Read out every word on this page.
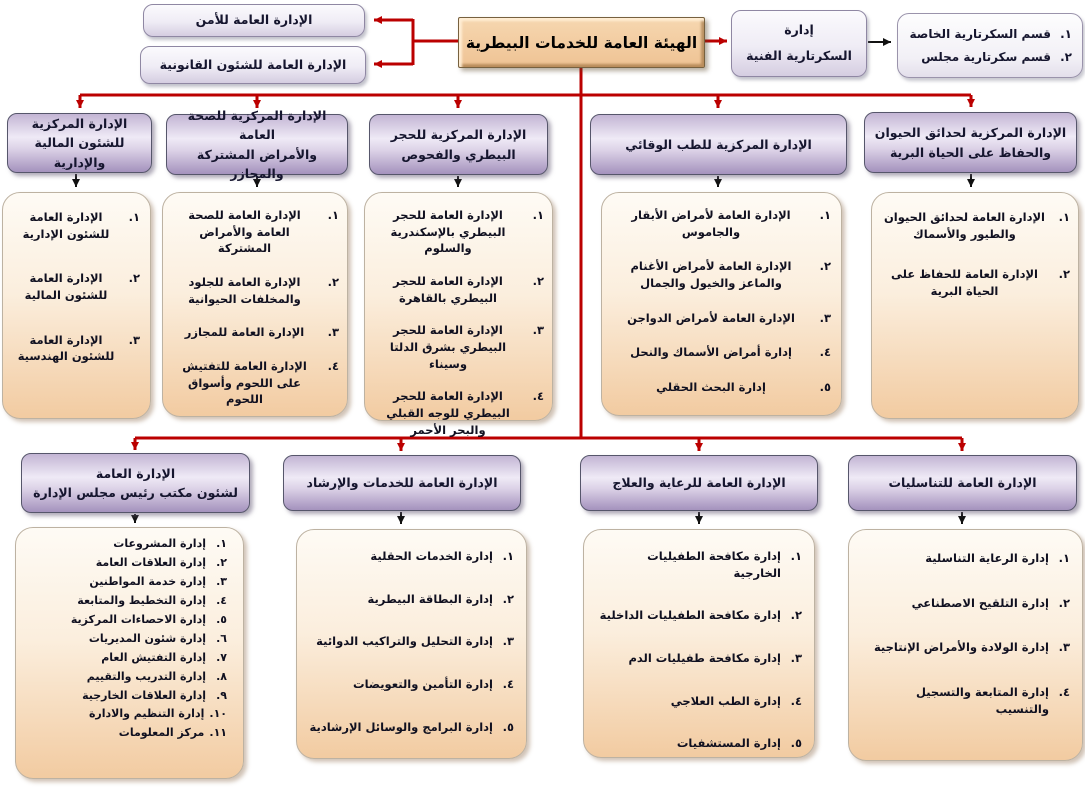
الهيئة العامة للخدمات البيطرية
الإدارة العامة للأمن
الإدارة العامة للشئون القانونية
إدارة
السكرتارية الفنية
١.
قسم السكرتارية الخاصة
٢.
قسم سكرتارية مجلس
الإدارة المركزية
للشئون المالية والإدارية
الإدارة المركزية للصحة العامة
والأمراض المشتركة والمجازر
الإدارة المركزية للحجر
البيطري والفحوص
الإدارة المركزية للطب الوقائي
الإدارة المركزية لحدائق الحيوان
والحفاظ على الحياة البرية
١.
الإدارة العامة للشئون الإدارية
٢.
الإدارة العامة للشئون المالية
٣.
الإدارة العامة للشئون الهندسية
١.
الإدارة العامة للصحة العامة والأمراض المشتركة
٢.
الإدارة العامة للجلود والمخلفات الحيوانية
٣.
الإدارة العامة للمجازر
٤.
الإدارة العامة للتفتيش على اللحوم وأسواق اللحوم
١.
الإدارة العامة للحجر البيطري بالإسكندرية والسلوم
٢.
الإدارة العامة للحجر البيطري بالقاهرة
٣.
الإدارة العامة للحجر البيطري بشرق الدلتا وسيناء
٤.
الإدارة العامة للحجر البيطري للوجه القبلي والبحر الأحمر
١.
الإدارة العامة لأمراض الأبقار والجاموس
٢.
الإدارة العامة لأمراض الأغنام والماعز والخيول والجمال
٣.
الإدارة العامة لأمراض الدواجن
٤.
إدارة أمراض الأسماك والنحل
٥.
إدارة البحث الحقلي
١.
الإدارة العامة لحدائق الحيوان والطيور والأسماك
٢.
الإدارة العامة للحفاظ على الحياة البرية
الإدارة العامة
لشئون مكتب رئيس مجلس الإدارة
الإدارة العامة للخدمات والإرشاد	الإدارة العامة للرعاية والعلاج	الإدارة العامة للتناسليات
١.
إدارة المشروعات
٢.
إدارة العلاقات العامة
٣.
إدارة خدمة المواطنين
٤.
إدارة التخطيط والمتابعة
٥.
إدارة الاحصاءات المركزية
٦.
إدارة شئون المديريات
٧.
إدارة التفتيش العام
٨.
إدارة التدريب والتقييم
٩.
إدارة العلاقات الخارجية
١٠.
إدارة التنظيم والادارة
١١.
مركز المعلومات
١.
إدارة الخدمات الحقلية
٢.
إدارة البطاقة البيطرية
٣.
إدارة التحليل والتراكيب الدوائية
٤.
إدارة التأمين والتعويضات
٥.
إدارة البرامج والوسائل الإرشادية
١.
إدارة مكافحة الطفيليات الخارجية
٢.
إدارة مكافحة الطفيليات الداخلية
٣.
إدارة مكافحة طفيليات الدم
٤.
إدارة الطب العلاجي
٥.
إدارة المستشفيات
١.
إدارة الرعاية التناسلية
٢.
إدارة التلقيح الاصطناعي
٣.
إدارة الولادة والأمراض الإنتاجية
٤.
إدارة المتابعة والتسجيل والتنسيب
